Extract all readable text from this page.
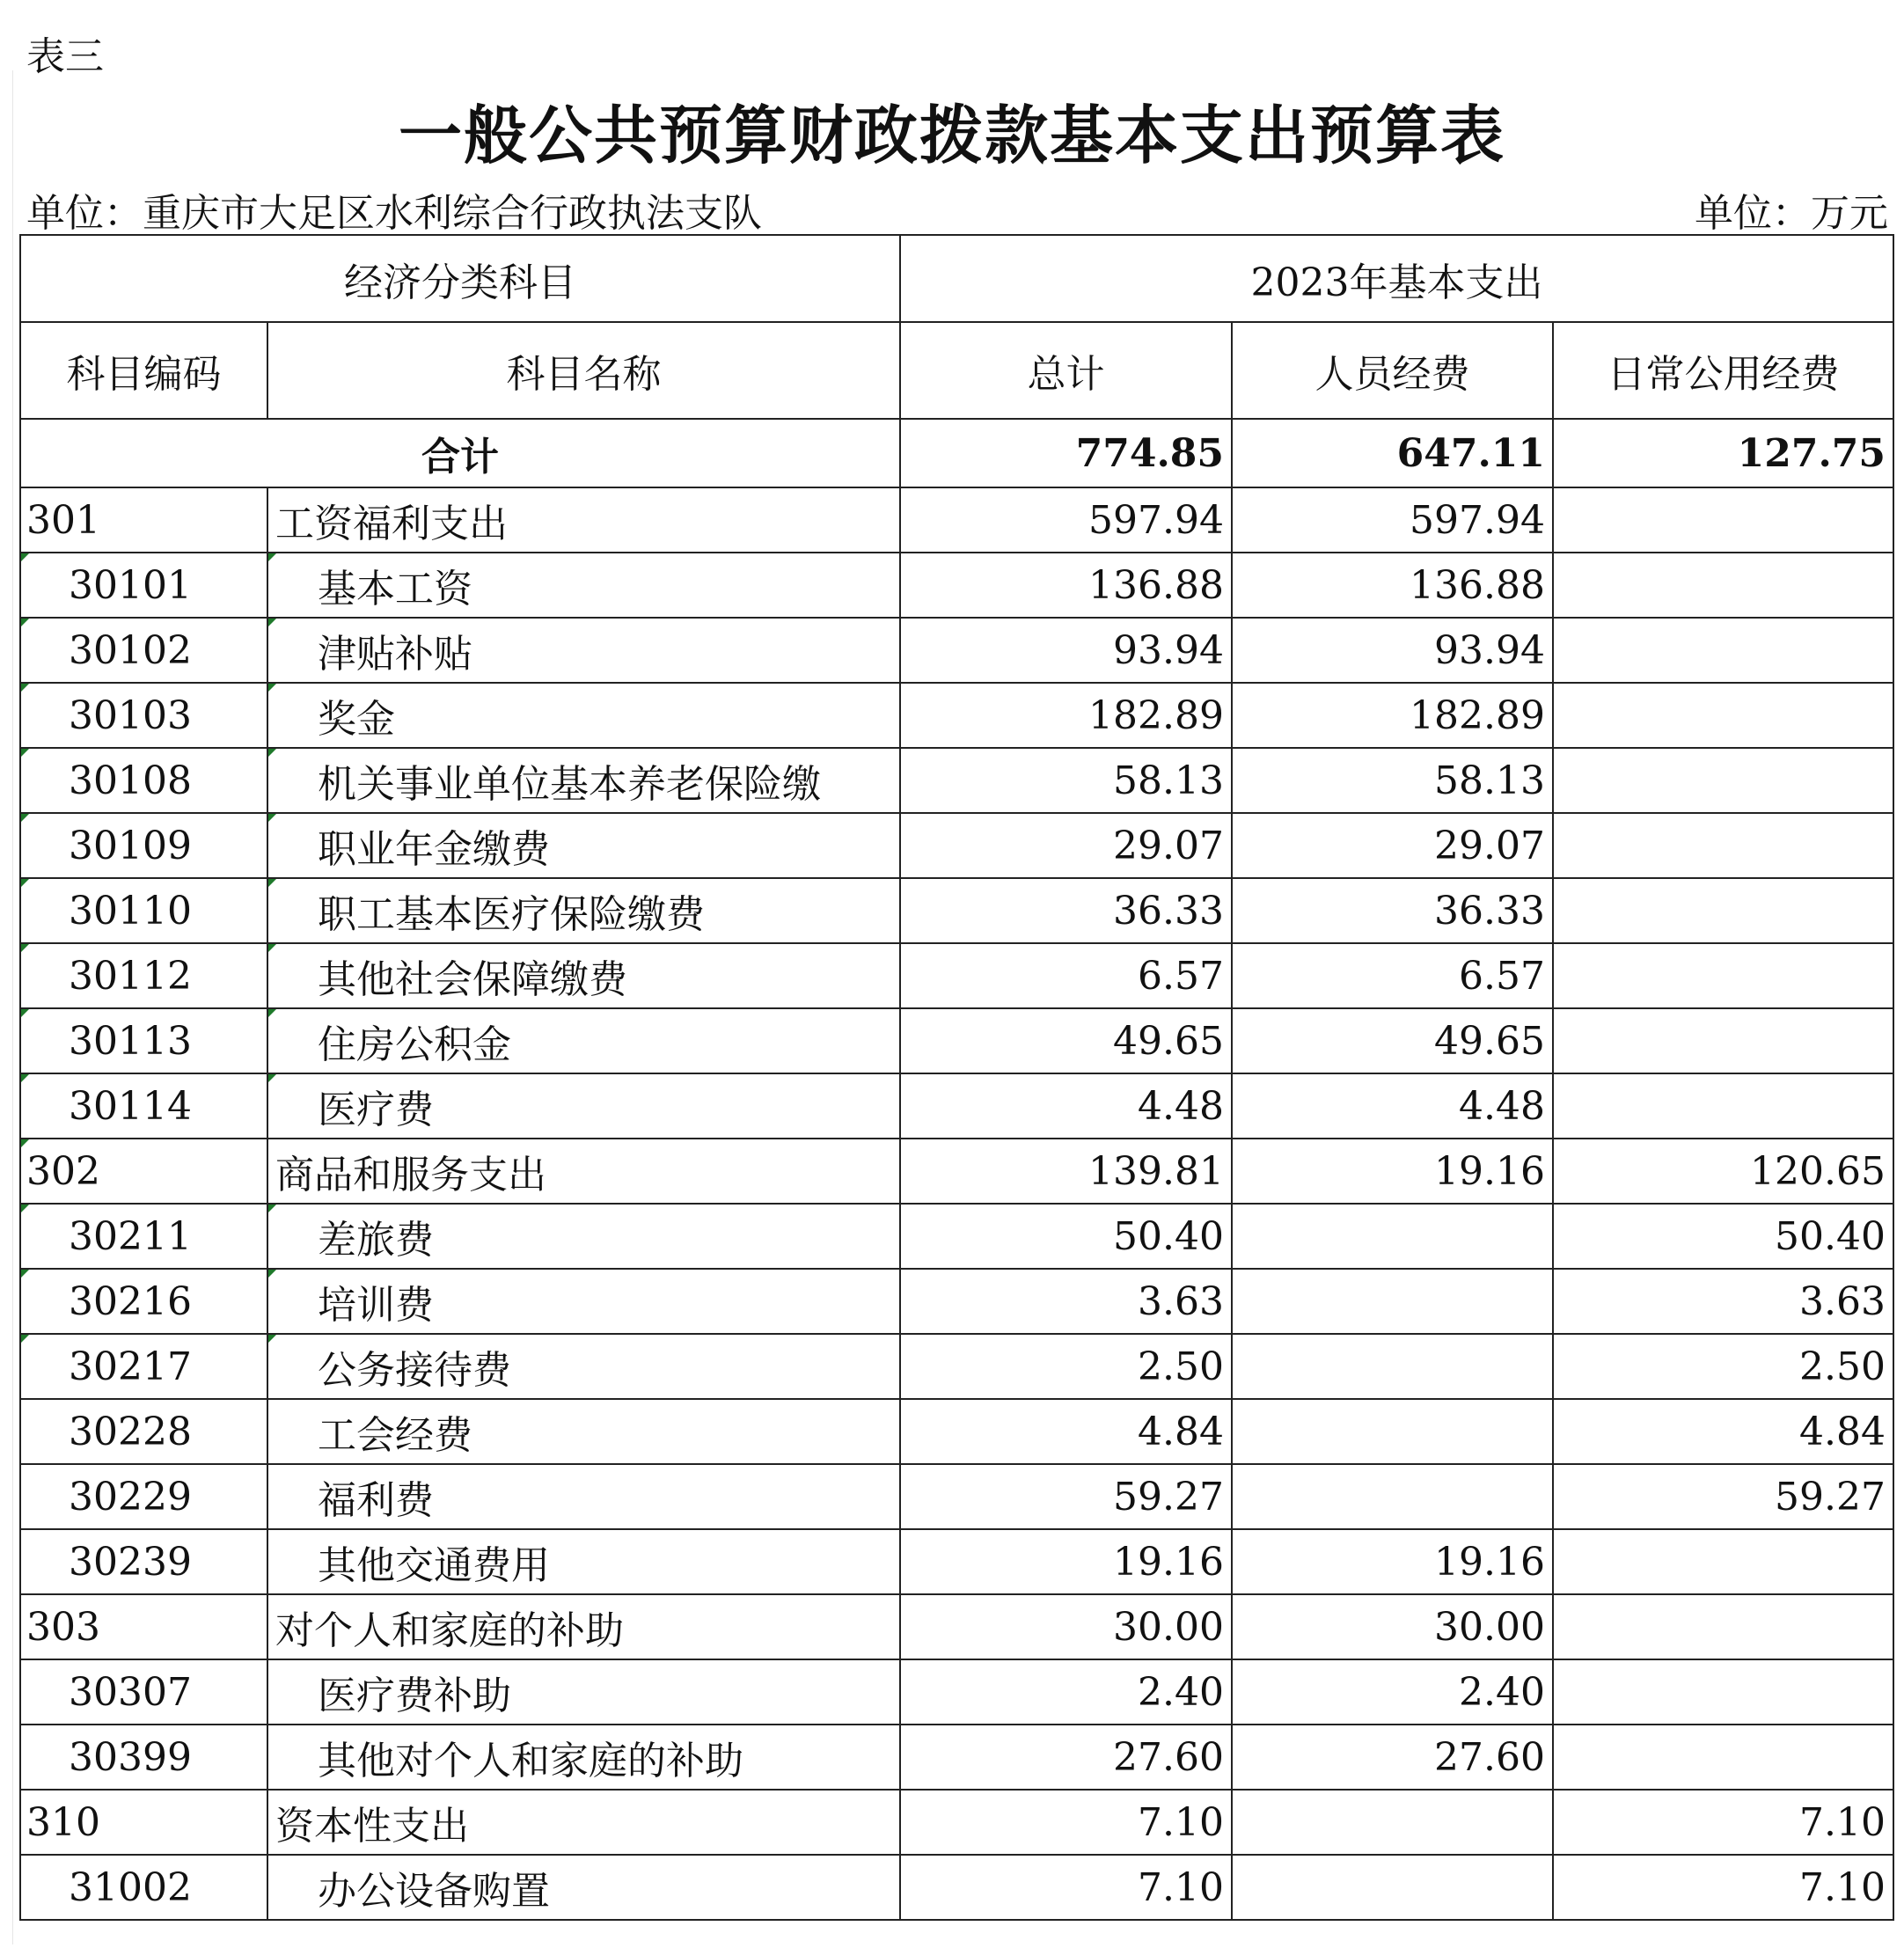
表三
一般公共预算财政拨款基本支出预算表
单位：重庆市大足区水利综合行政执法支队	单位：万元
经济分类科目		2023年基本支出		
科目编码	科目名称	总计	人员经费	日常公用经费
合计		774.85	647.11	127.75
301	工资福利支出	597.94	597.94	
30101	基本工资	136.88	136.88	
30102	津贴补贴	93.94	93.94	
30103	奖金	182.89	182.89	
30108	机关事业单位基本养老保险缴	58.13	58.13	
30109	职业年金缴费	29.07	29.07	
30110	职工基本医疗保险缴费	36.33	36.33	
30112	其他社会保障缴费	6.57	6.57	
30113	住房公积金	49.65	49.65	
30114	医疗费	4.48	4.48	
302	商品和服务支出	139.81	19.16	120.65
30211	差旅费	50.40		50.40
30216	培训费	3.63		3.63
30217	公务接待费	2.50		2.50
30228	工会经费	4.84		4.84
30229	福利费	59.27		59.27
30239	其他交通费用	19.16	19.16	
303	对个人和家庭的补助	30.00	30.00	
30307	医疗费补助	2.40	2.40	
30399	其他对个人和家庭的补助	27.60	27.60	
310	资本性支出	7.10		7.10
31002	办公设备购置	7.10		7.10
